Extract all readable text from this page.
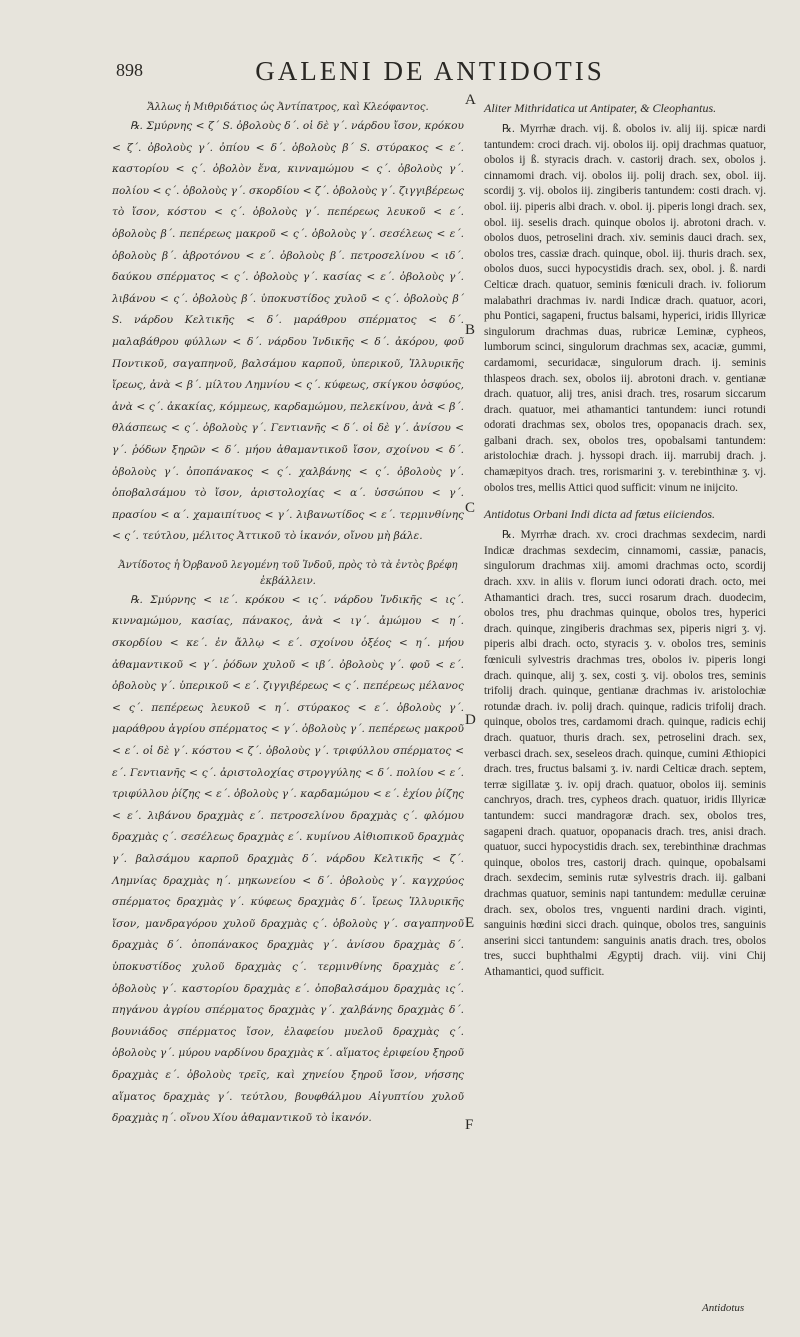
898	GALENI DE ANTIDOTIS
Ἄλλως ἡ Μιθριδάτιος ὡς Ἀντίπατρος, καὶ Κλεόφαντος.

℞. Σμύρνης < ζ΄ S. ὀβολοὺς δ΄. οἱ δὲ γ΄. νάρδου ἴσον, κρόκου < ζ΄. ὀβολοὺς γ΄. ὀπίου < δ΄. ὀβολοὺς β΄ S. στύρακος < ε΄. καστορίου < ς΄. ὀβολὸν ἕνα, κινναμώμου < ς΄. ὀβολοὺς γ΄. πολίου < ς΄. ὀβολοὺς γ΄. σκορδίου < ζ΄. ὀβολοὺς γ΄. ζιγγιβέρεως τὸ ἴσον, κόστου < ς΄. ὀβολοὺς γ΄. πεπέρεως λευκοῦ < ε΄. ὀβολοὺς β΄. πεπέρεως μακροῦ < ς΄. ὀβολοὺς γ΄. σεσέλεως < ε΄. ὀβολοὺς β΄. ἀβροτόνου < ε΄. ὀβολοὺς β΄. πετροσελίνου < ιδ΄. δαύκου σπέρματος < ς΄. ὀβολοὺς γ΄. κασίας < ε΄. ὀβολοὺς γ΄. λιβάνου < ς΄. ὀβολοὺς β΄. ὑποκυστίδος χυλοῦ < ς΄. ὀβολοὺς β΄ S. νάρδου Κελτικῆς < δ΄. μαράθρου σπέρματος < δ΄. μαλαβάθρου φύλλων < δ΄. νάρδου Ἰνδικῆς < δ΄. ἀκόρου, φοῦ Ποντικοῦ, σαγαπηνοῦ, βαλσάμου καρποῦ, ὑπερικοῦ, Ἰλλυρικῆς ἴρεως, ἀνὰ < β΄. μίλτου Λημνίου < ς΄. κύφεως, σκίγκου ὀσφύος, ἀνὰ < ς΄. ἀκακίας, κόμμεως, καρδαμώμου, πελεκίνου, ἀνὰ < β΄. θλάσπεως < ς΄. ὀβολοὺς γ΄. Γεντιανῆς < δ΄. οἱ δὲ γ΄. ἀνίσου < γ΄. ῥόδων ξηρῶν < δ΄. μήου ἀθαμαντικοῦ ἴσον, σχοίνου < δ΄. ὀβολοὺς γ΄. ὀποπάνακος < ς΄. χαλβάνης < ς΄. ὀβολοὺς γ΄. ὀποβαλσάμου τὸ ἴσον, ἀριστολοχίας < α΄. ὑσσώπου < γ΄. πρασίου < α΄. χαμαιπίτυος < γ΄. λιβανωτίδος < ε΄. τερμινθίνης < ς΄. τεύτλου, μέλιτος Ἀττικοῦ τὸ ἱκανόν, οἴνου μὴ βάλε.

Ἀντίδοτος ἡ Ὀρβανοῦ λεγομένη τοῦ Ἰνδοῦ, πρὸς τὸ τὰ ἐντὸς βρέφη ἐκβάλλειν.

℞. Σμύρνης < ιε΄. κρόκου < ις΄. νάρδου Ἰνδικῆς < ις΄. κινναμώμου, κασίας, πάνακος, ἀνὰ < ιγ΄. ἀμώμου < η΄. σκορδίου < κε΄. ἐν ἄλλῳ < ε΄. σχοίνου ὀξέος < η΄. μήου ἀθαμαντικοῦ < γ΄. ῥόδων χυλοῦ < ιβ΄. ὀβολοὺς γ΄. φοῦ < ε΄. ὀβολοὺς γ΄. ὑπερικοῦ < ε΄. ζιγγιβέρεως < ς΄. πεπέρεως μέλανος < ς΄. πεπέρεως λευκοῦ < η΄. στύρακος < ε΄. ὀβολοὺς γ΄. μαράθρου ἀγρίου σπέρματος < γ΄. ὀβολοὺς γ΄. πεπέρεως μακροῦ < ε΄. οἱ δὲ γ΄. κόστου < ζ΄. ὀβολοὺς γ΄. τριφύλλου σπέρματος < ε΄. Γεντιανῆς < ς΄. ἀριστολοχίας στρογγύλης < δ΄. πολίου < ε΄. τριφύλλου ῥίζης < ε΄. ὀβολοὺς γ΄. καρδαμώμου < ε΄. ἐχίου ῥίζης < ε΄. λιβάνου δραχμὰς ε΄. πετροσελίνου δραχμὰς ς΄. φλόμου δραχμὰς ς΄. σεσέλεως δραχμὰς ε΄. κυμίνου Αἰθιοπικοῦ δραχμὰς γ΄. βαλσάμου καρποῦ δραχμὰς δ΄. νάρδου Κελτικῆς < ζ΄. Λημνίας δραχμὰς η΄. μηκωνείου < δ΄. ὀβολοὺς γ΄. καγχρύος σπέρματος δραχμὰς γ΄. κύφεως δραχμὰς δ΄. ἴρεως Ἰλλυρικῆς ἴσον, μανδραγόρου χυλοῦ δραχμὰς ς΄. ὀβολοὺς γ΄. σαγαπηνοῦ δραχμὰς δ΄. ὀποπάνακος δραχμὰς γ΄. ἀνίσου δραχμὰς δ΄. ὑποκυστίδος χυλοῦ δραχμὰς ς΄. τερμινθίνης δραχμὰς ε΄. ὀβολοὺς γ΄. καστορίου δραχμὰς ε΄. ὀποβαλσάμου δραχμὰς ις΄. πηγάνου ἀγρίου σπέρματος δραχμὰς γ΄. χαλβάνης δραχμὰς δ΄. βουνιάδος σπέρματος ἴσον, ἐλαφείου μυελοῦ δραχμὰς ς΄. ὀβολοὺς γ΄. μύρου ναρδίνου δραχμὰς κ΄. αἵματος ἐριφείου ξηροῦ δραχμὰς ε΄. ὀβολοὺς τρεῖς, καὶ χηνείου ξηροῦ ἴσον, νήσσης αἵματος δραχμὰς γ΄. τεύτλου, βουφθάλμου Αἰγυπτίου χυλοῦ δραχμὰς η΄. οἴνου Χίου ἀθαμαντικοῦ τὸ ἱκανόν.

A
B
C
D
E
F
Aliter Mithridatica ut Antipater, & Cleophantus.

℞. Myrrhæ drach. vij. ß. obolos iv. alij iij. spicæ nardi tantundem: croci drach. vij. obolos iij. opij drachmas quatuor, obolos ij ß. styracis drach. v. castorij drach. sex, obolos j. cinnamomi drach. vij. obolos iij. polij drach. sex, obol. iij. scordij ʒ. vij. obolos iij. zingiberis tantundem: costi drach. vj. obol. iij. piperis albi drach. v. obol. ij. piperis longi drach. sex, obol. iij. seselis drach. quinque obolos ij. abrotoni drach. v. obolos duos, petroselini drach. xiv. seminis dauci drach. sex, obolos tres, cassiæ drach. quinque, obol. iij. thuris drach. sex, obolos duos, succi hypocystidis drach. sex, obol. j. ß. nardi Celticæ drach. quatuor, seminis fœniculi drach. iv. foliorum malabathri drachmas iv. nardi Indicæ drach. quatuor, acori, phu Pontici, sagapeni, fructus balsami, hyperici, iridis Illyricæ singulorum drachmas duas, rubricæ Leminæ, cypheos, lumborum scinci, singulorum drachmas sex, acaciæ, gummi, cardamomi, securidacæ, singulorum drach. ij. seminis thlaspeos drach. sex, obolos iij. abrotoni drach. v. gentianæ drach. quatuor, alij tres, anisi drach. tres, rosarum siccarum drach. quatuor, mei athamantici tantundem: iunci rotundi odorati drachmas sex, obolos tres, opopanacis drach. sex, galbani drach. sex, obolos tres, opobalsami tantundem: aristolochiæ drach. j. hyssopi drach. iij. marrubij drach. j. chamæpityos drach. tres, rorismarini ʒ. v. terebinthinæ ʒ. vj. obolos tres, mellis Attici quod sufficit: vinum ne inijcito.

Antidotus Orbani Indi dicta ad fœtus eiiciendos.

℞. Myrrhæ drach. xv. croci drachmas sexdecim, nardi Indicæ drachmas sexdecim, cinnamomi, cassiæ, panacis, singulorum drachmas xiij. amomi drachmas octo, scordij drach. xxv. in aliis v. florum iunci odorati drach. octo, mei Athamantici drach. tres, succi rosarum drach. duodecim, obolos tres, phu drachmas quinque, obolos tres, hyperici drach. quinque, zingiberis drachmas sex, piperis nigri ʒ. vj. piperis albi drach. octo, styracis ʒ. v. obolos tres, seminis fœniculi sylvestris drachmas tres, obolos iv. piperis longi drach. quinque, alij ʒ. sex, costi ʒ. vij. obolos tres, seminis trifolij drach. quinque, gentianæ drachmas iv. aristolochiæ rotundæ drach. iv. polij drach. quinque, radicis trifolij drach. quinque, obolos tres, cardamomi drach. quinque, radicis echij drach. quatuor, thuris drach. sex, petroselini drach. sex, verbasci drach. sex, seseleos drach. quinque, cumini Æthiopici drach. tres, fructus balsami ʒ. iv. nardi Celticæ drach. septem, terræ sigillatæ ʒ. iv. opij drach. quatuor, obolos iij. seminis canchryos, drach. tres, cypheos drach. quatuor, iridis Illyricæ tantundem: succi mandragoræ drach. sex, obolos tres, sagapeni drach. quatuor, opopanacis drach. tres, anisi drach. quatuor, succi hypocystidis drach. sex, terebinthinæ drachmas quinque, obolos tres, castorij drach. quinque, opobalsami drach. sexdecim, seminis rutæ sylvestris drach. iij. galbani drachmas quatuor, seminis napi tantundem: medullæ ceruinæ drach. sex, obolos tres, vnguenti nardini drach. viginti, sanguinis hœdini sicci drach. quinque, obolos tres, sanguinis anserini sicci tantundem: sanguinis anatis drach. tres, obolos tres, succi buphthalmi Ægyptij drach. viij. vini Chij Athamantici, quod sufficit.

Antidotus
